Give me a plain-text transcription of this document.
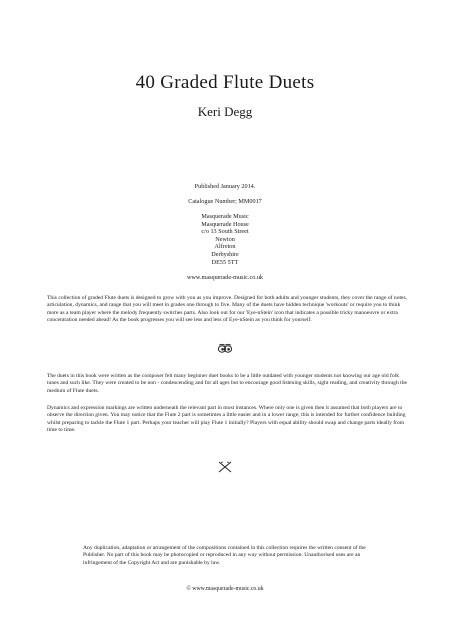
40 Graded Flute Duets
Keri Degg
Published January 2014.
Catalogue Number; MM0017
Masquerade Music
Masquerade House
c/o 13 South Street
Newton
Alfreton
Derbyshire
DE55 5TT
www.masquerade-music.co.uk

This collection of graded Flute duets is designed to grow with you as you improve. Designed for both adults and younger students, they cover the range of notes, articulation, dynamics, and range that you will meet in grades one through to five. Many of the duets have hidden technique 'workouts' or require you to think more as a team player where the melody frequently switches parts. Also look out for our 'Eye-nStein' icon that indicates a possible tricky manoeuvre or extra concentration needed ahead! As the book progresses you will see less and less of Eye-nStein as you think for yourself.

The duets in this book were written as the composer felt many beginner duet books to be a little outdated with younger students not knowing our age old folk tunes and such like. They were created to be non - condescending and for all ages but to encourage good listening skills, sight reading, and creativity through the medium of Flute duets.

Dynamics and expression markings are written underneath the relevant part in most instances. Where only one is given then it assumed that both players are to observe the direction given. You may notice that the Flute 2 part is sometimes a little easier and in a lower range; this is intended for further confidence building whilst preparing to tackle the Flute 1 part. Perhaps your teacher will play Flute 1 initially? Players with equal ability should swap and change parts ideally from time to time.

Any duplication, adaptation or arrangement of the compositions contained in this collection requires the written consent of the Publisher. No part of this book may be photocopied or reproduced in any way without permission. Unauthorised uses are an infringement of the Copyright Act and are punishable by law.

© www.masquerade-music.co.uk
